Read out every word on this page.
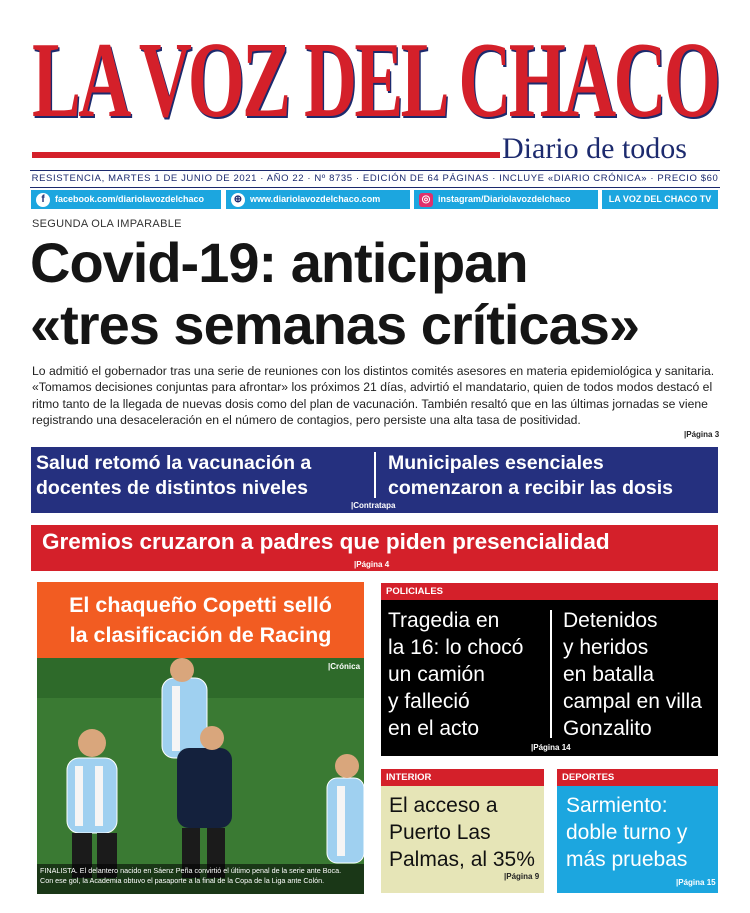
LA VOZ DEL CHACO
Diario de todos
RESISTENCIA, MARTES 1 DE JUNIO DE 2021 · AÑO 22 · Nº 8735 · EDICIÓN DE 64 PÁGINAS · INCLUYE «DIARIO CRÓNICA» · PRECIO $60
f facebook.com/diariolavozdelchaco	⊕ www.diariolavozdelchaco.com	◎ instagram/Diariolavozdelchaco	LA VOZ DEL CHACO TV
SEGUNDA OLA IMPARABLE
Covid-19: anticipan
«tres semanas críticas»
Lo admitió el gobernador tras una serie de reuniones con los distintos comités asesores en materia epidemiológica y sanitaria. «Tomamos decisiones conjuntas para afrontar» los próximos 21 días, advirtió el mandatario, quien de todos modos destacó el ritmo tanto de la llegada de nuevas dosis como del plan de vacunación. También resaltó que en las últimas jornadas se viene registrando una desaceleración en el número de contagios, pero persiste una alta tasa de positividad.
|Página 3
Salud retomó la vacunación a
docentes de distintos niveles
Municipales esenciales
comenzaron a recibir las dosis
|Contratapa
Gremios cruzaron a padres que piden presencialidad
|Página 4
El chaqueño Copetti selló
la clasificación de Racing
|Crónica
FINALISTA. El delantero nacido en Sáenz Peña convirtió el último penal de la serie ante Boca.
Con ese gol, la Academia obtuvo el pasaporte a la final de la Copa de la Liga ante Colón.
POLICIALES
Tragedia en
la 16: lo chocó
un camión
y falleció
en el acto
Detenidos
y heridos
en batalla
campal en villa
Gonzalito
|Página 14
INTERIOR
El acceso a
Puerto Las
Palmas, al 35%
|Página 9
DEPORTES
Sarmiento:
doble turno y
más pruebas
|Página 15
